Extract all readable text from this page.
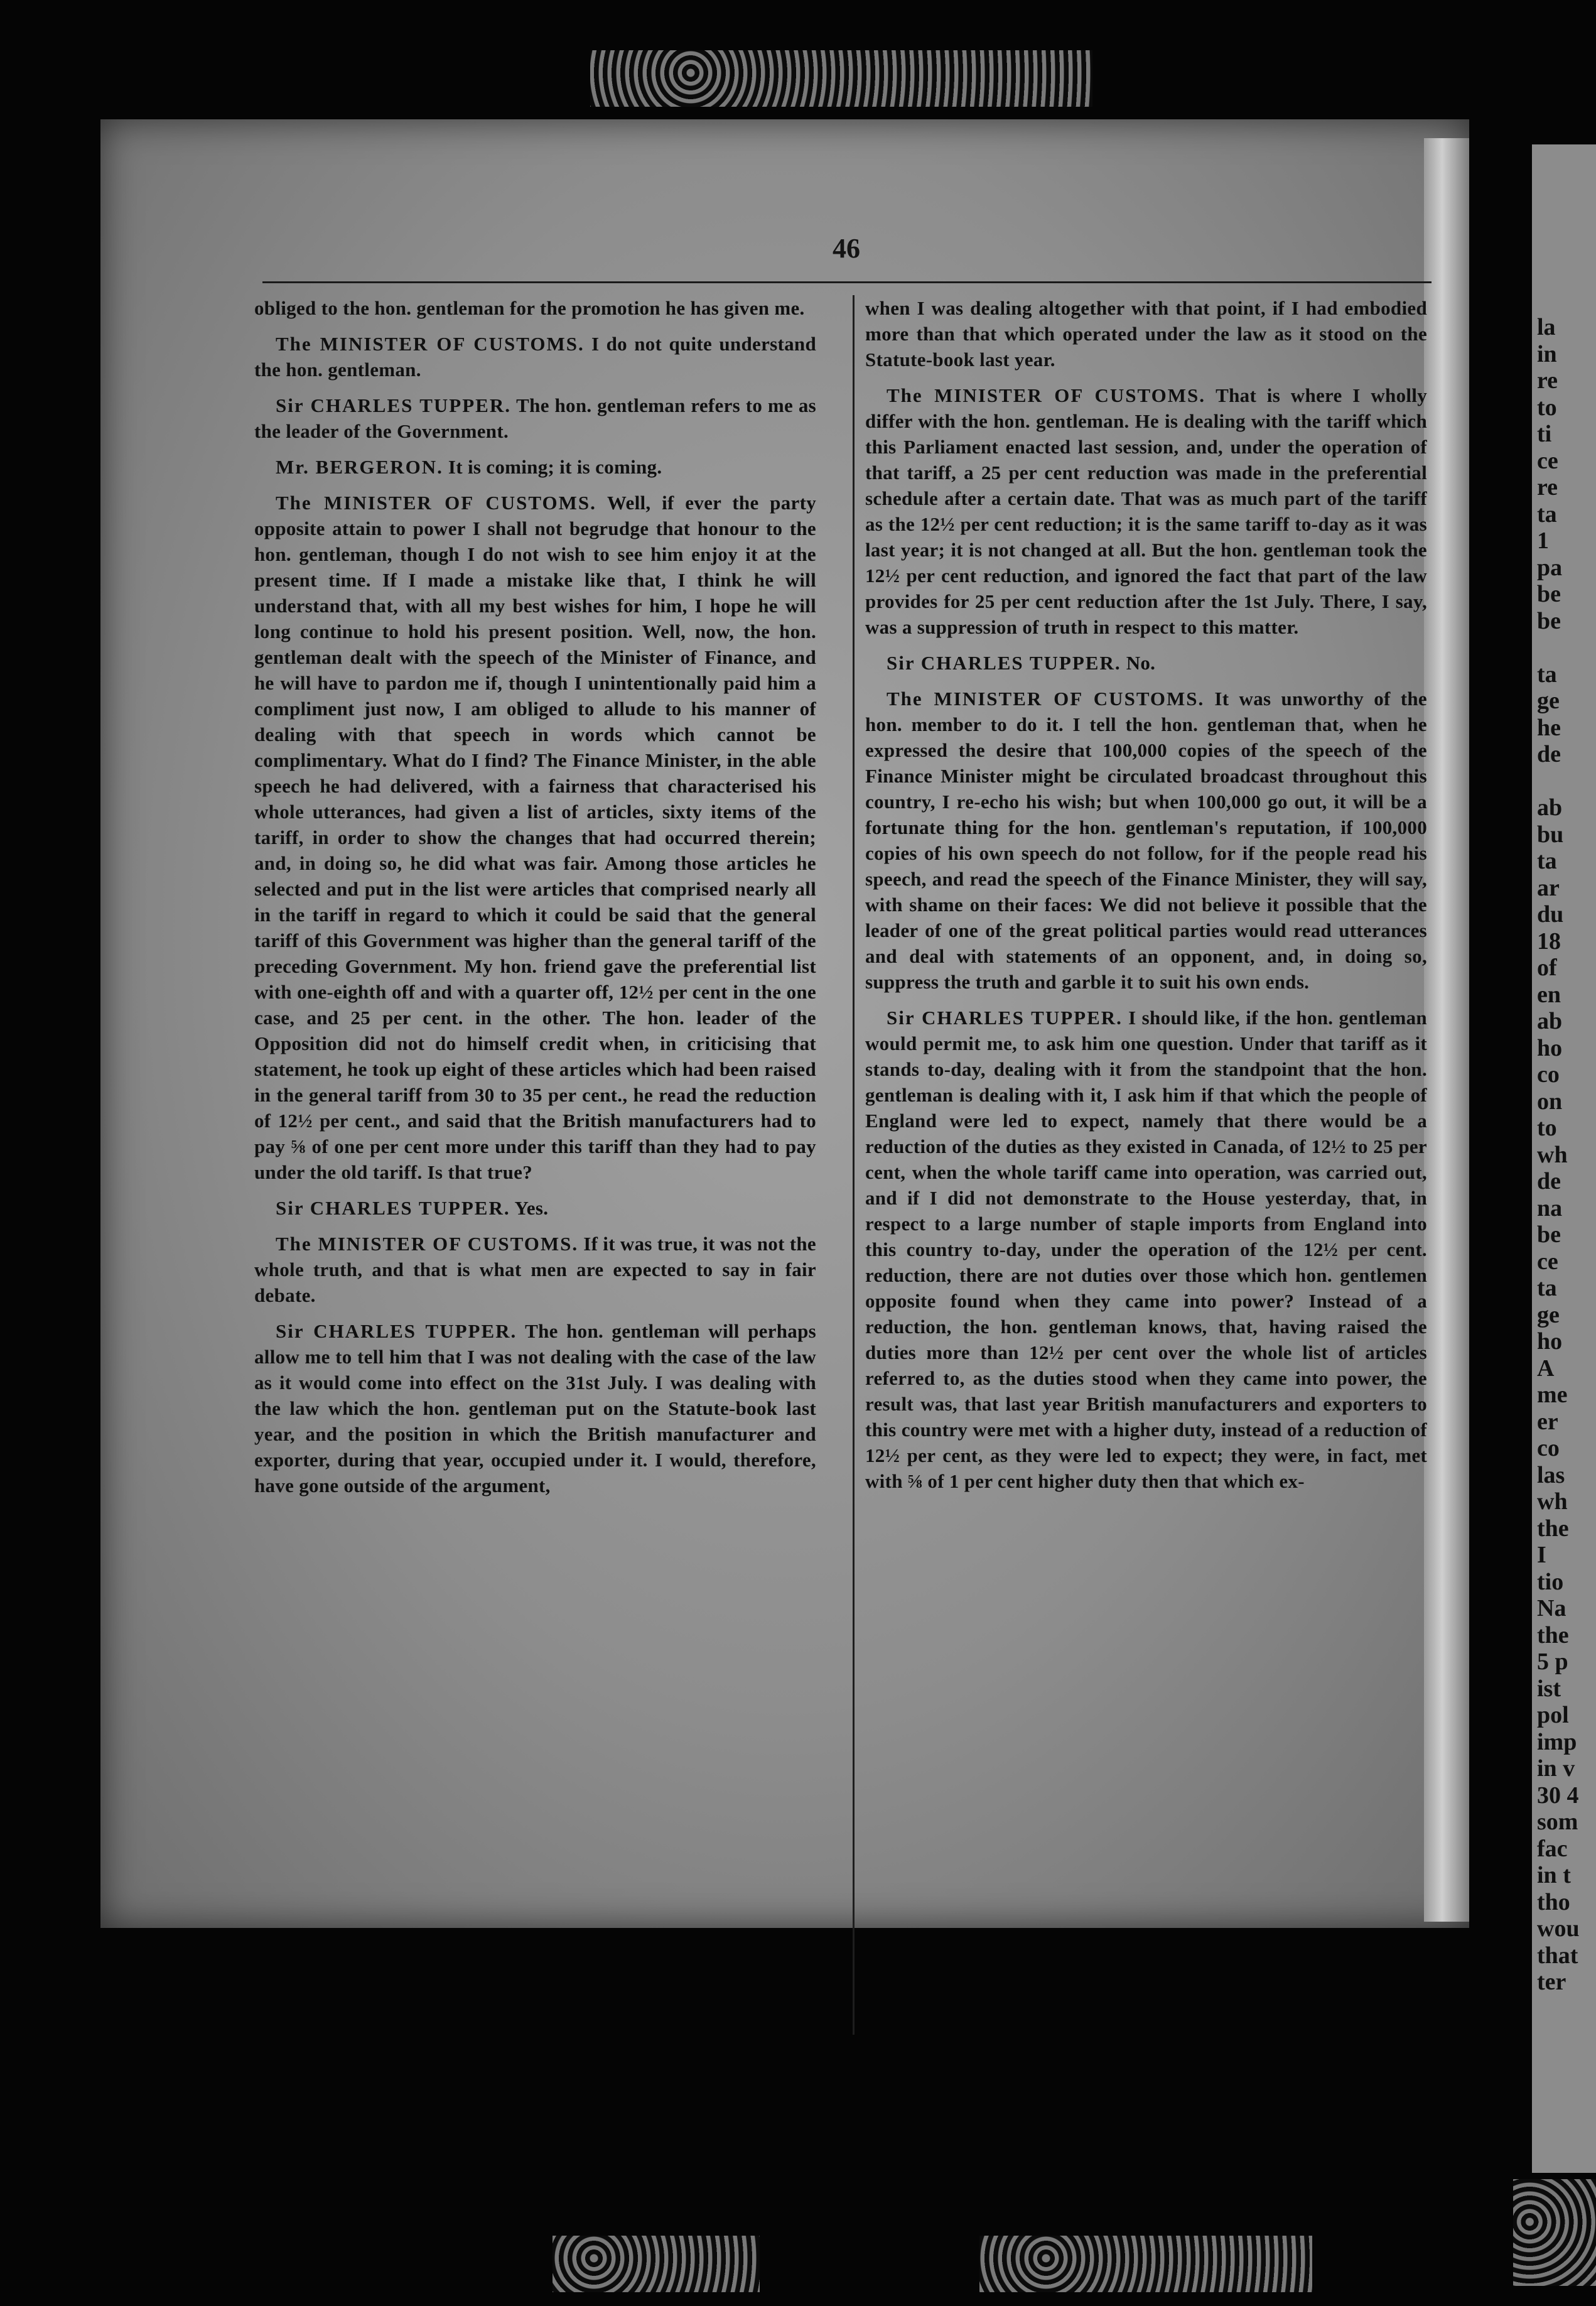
la
in
re
to
ti
ce
re
ta
1
pa
be
be

ta
ge
he
de

ab
bu
ta
ar
du
18
of
en
ab
ho
co
on
to
wh
de
na
be
ce
ta
ge
ho
A
me
er
co
las
wh
the
I
tio
Na
the
5 p
ist
pol
imp
in v
30 4
som
fac
in t
tho
wou
that
ter
46

obliged to the hon. gentleman for the promotion he has given me.

The MINISTER OF CUSTOMS. I do not quite understand the hon. gentleman.

Sir CHARLES TUPPER. The hon. gentleman refers to me as the leader of the Government.

Mr. BERGERON. It is coming; it is coming.

The MINISTER OF CUSTOMS. Well, if ever the party opposite attain to power I shall not begrudge that honour to the hon. gentleman, though I do not wish to see him enjoy it at the present time. If I made a mistake like that, I think he will understand that, with all my best wishes for him, I hope he will long continue to hold his present position. Well, now, the hon. gentleman dealt with the speech of the Minister of Finance, and he will have to pardon me if, though I unintentionally paid him a compliment just now, I am obliged to allude to his manner of dealing with that speech in words which cannot be complimentary. What do I find? The Finance Minister, in the able speech he had delivered, with a fairness that characterised his whole utterances, had given a list of articles, sixty items of the tariff, in order to show the changes that had occurred therein; and, in doing so, he did what was fair. Among those articles he selected and put in the list were articles that comprised nearly all in the tariff in regard to which it could be said that the general tariff of this Government was higher than the general tariff of the preceding Government. My hon. friend gave the preferential list with one-eighth off and with a quarter off, 12½ per cent in the one case, and 25 per cent. in the other. The hon. leader of the Opposition did not do himself credit when, in criticising that statement, he took up eight of these articles which had been raised in the general tariff from 30 to 35 per cent., he read the reduction of 12½ per cent., and said that the British manufacturers had to pay ⅝ of one per cent more under this tariff than they had to pay under the old tariff. Is that true?

Sir CHARLES TUPPER. Yes.

The MINISTER OF CUSTOMS. If it was true, it was not the whole truth, and that is what men are expected to say in fair debate.

Sir CHARLES TUPPER. The hon. gentleman will perhaps allow me to tell him that I was not dealing with the case of the law as it would come into effect on the 31st July. I was dealing with the law which the hon. gentleman put on the Statute-book last year, and the position in which the British manufacturer and exporter, during that year, occupied under it. I would, therefore, have gone outside of the argument,

when I was dealing altogether with that point, if I had embodied more than that which operated under the law as it stood on the Statute-book last year.

The MINISTER OF CUSTOMS. That is where I wholly differ with the hon. gentleman. He is dealing with the tariff which this Parliament enacted last session, and, under the operation of that tariff, a 25 per cent reduction was made in the preferential schedule after a certain date. That was as much part of the tariff as the 12½ per cent reduction; it is the same tariff to-day as it was last year; it is not changed at all. But the hon. gentleman took the 12½ per cent reduction, and ignored the fact that part of the law provides for 25 per cent reduction after the 1st July. There, I say, was a suppression of truth in respect to this matter.

Sir CHARLES TUPPER. No.

The MINISTER OF CUSTOMS. It was unworthy of the hon. member to do it. I tell the hon. gentleman that, when he expressed the desire that 100,000 copies of the speech of the Finance Minister might be circulated broadcast throughout this country, I re-echo his wish; but when 100,000 go out, it will be a fortunate thing for the hon. gentleman's reputation, if 100,000 copies of his own speech do not follow, for if the people read his speech, and read the speech of the Finance Minister, they will say, with shame on their faces: We did not believe it possible that the leader of one of the great political parties would read utterances and deal with statements of an opponent, and, in doing so, suppress the truth and garble it to suit his own ends.

Sir CHARLES TUPPER. I should like, if the hon. gentleman would permit me, to ask him one question. Under that tariff as it stands to-day, dealing with it from the standpoint that the hon. gentleman is dealing with it, I ask him if that which the people of England were led to expect, namely that there would be a reduction of the duties as they existed in Canada, of 12½ to 25 per cent, when the whole tariff came into operation, was carried out, and if I did not demonstrate to the House yesterday, that, in respect to a large number of staple imports from England into this country to-day, under the operation of the 12½ per cent. reduction, there are not duties over those which hon. gentlemen opposite found when they came into power? Instead of a reduction, the hon. gentleman knows, that, having raised the duties more than 12½ per cent over the whole list of articles referred to, as the duties stood when they came into power, the result was, that last year British manufacturers and exporters to this country were met with a higher duty, instead of a reduction of 12½ per cent, as they were led to expect; they were, in fact, met with ⅝ of 1 per cent higher duty then that which ex-
